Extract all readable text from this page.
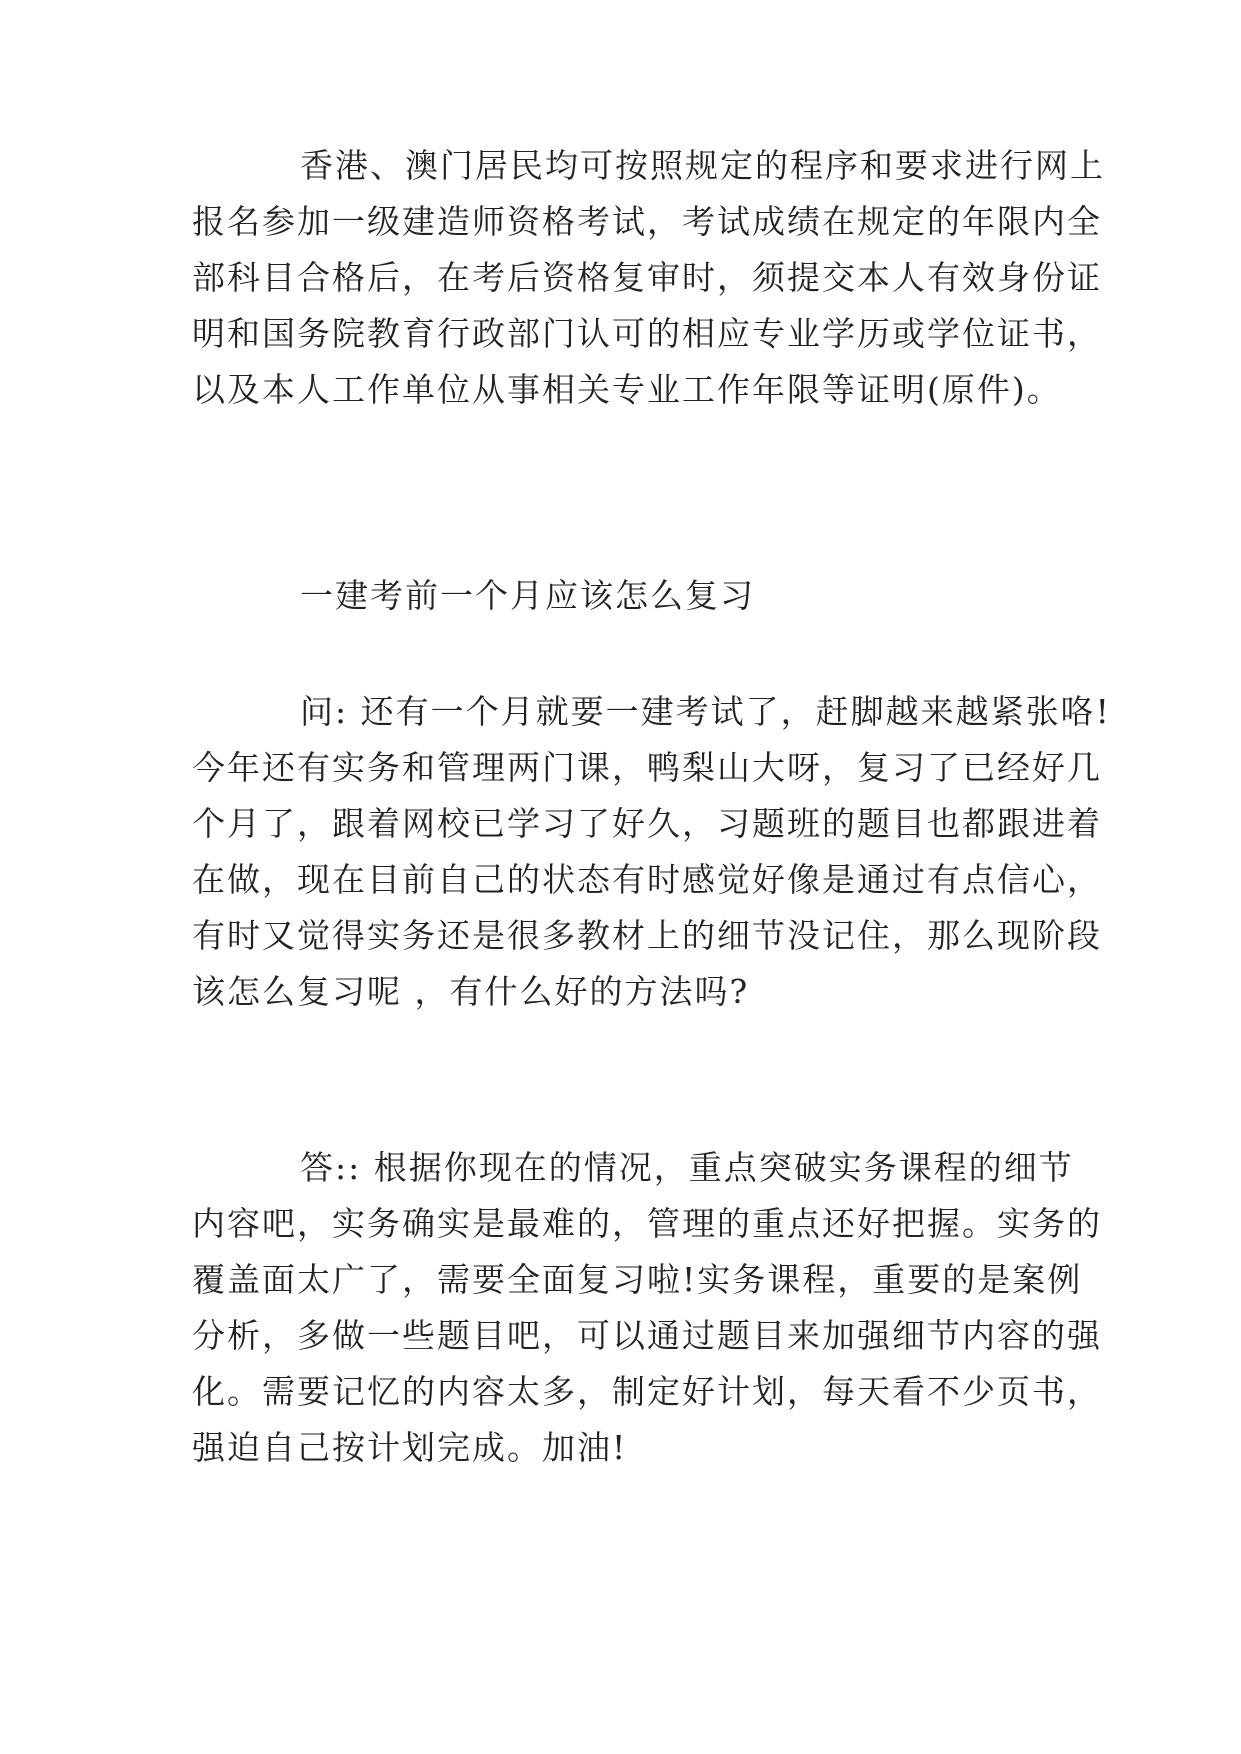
香港、澳门居民均可按照规定的程序和要求进行网上
报名参加一级建造师资格考试，考试成绩在规定的年限内全
部科目合格后，在考后资格复审时，须提交本人有效身份证
明和国务院教育行政部门认可的相应专业学历或学位证书，
以及本人工作单位从事相关专业工作年限等证明(原件)。
一建考前一个月应该怎么复习
问: 还有一个月就要一建考试了，赶脚越来越紧张咯!
今年还有实务和管理两门课，鸭梨山大呀，复习了已经好几
个月了，跟着网校已学习了好久，习题班的题目也都跟进着
在做，现在目前自己的状态有时感觉好像是通过有点信心，
有时又觉得实务还是很多教材上的细节没记住，那么现阶段
该怎么复习呢 ，有什么好的方法吗?
答:: 根据你现在的情况，重点突破实务课程的细节
内容吧，实务确实是最难的，管理的重点还好把握。实务的
覆盖面太广了，需要全面复习啦!实务课程，重要的是案例
分析，多做一些题目吧，可以通过题目来加强细节内容的强
化。需要记忆的内容太多，制定好计划，每天看不少页书，
强迫自己按计划完成。加油!
